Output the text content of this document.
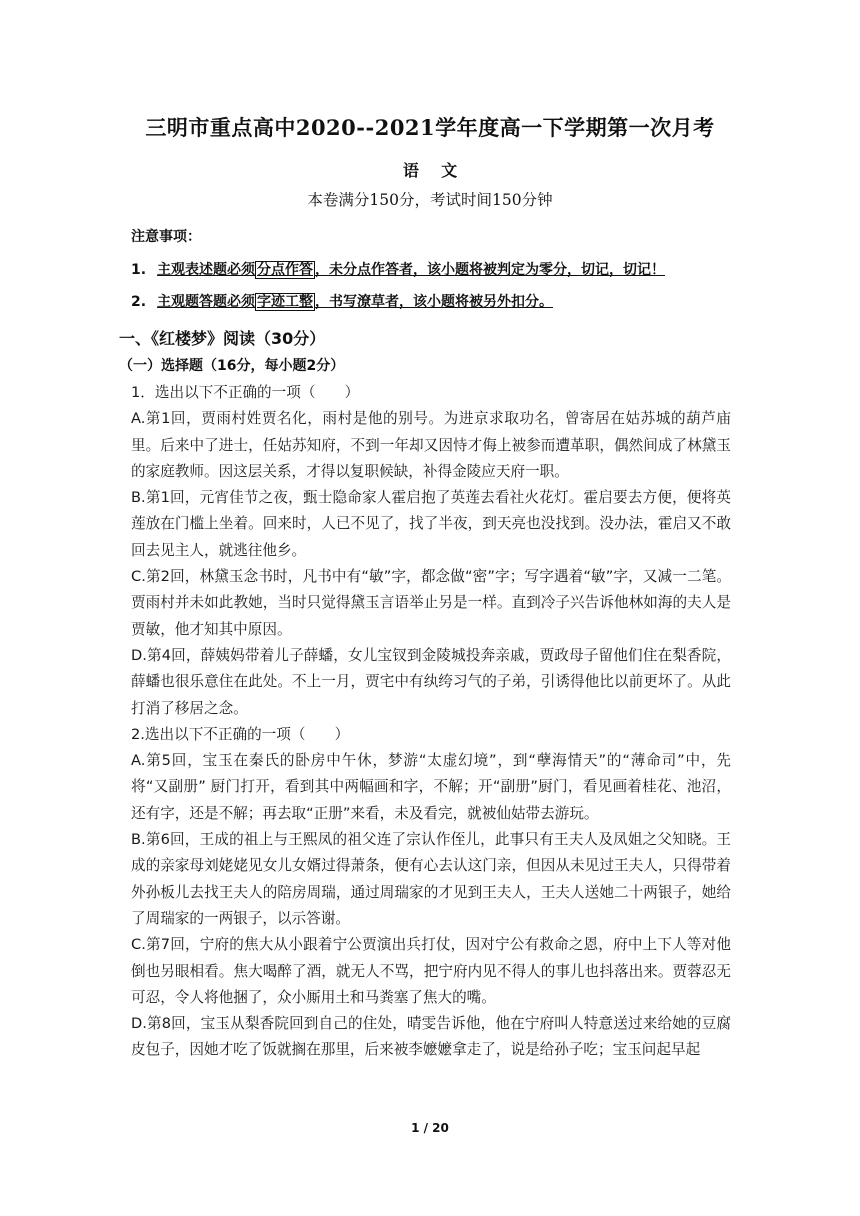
三明市重点高中2020--2021学年度高一下学期第一次月考
语    文
本卷满分150分，考试时间150分钟
注意事项：
1. 主观表述题必须 分点作答 ，未分点作答者，该小题将被判定为零分，切记，切记！
2. 主观题答题必须 字迹工整 ，书写潦草者，该小题将被另外扣分。
一、《红楼梦》阅读（30分）
（一）选择题（16分，每小题2分）

1．选出以下不正确的一项（　　）

A.第1回，贾雨村姓贾名化，雨村是他的别号。为进京求取功名，曾寄居在姑苏城的葫芦庙里。后来中了进士，任姑苏知府，不到一年却又因恃才侮上被参而遭革职，偶然间成了林黛玉的家庭教师。因这层关系，才得以复职候缺，补得金陵应天府一职。

B.第1回，元宵佳节之夜，甄士隐命家人霍启抱了英莲去看社火花灯。霍启要去方便，便将英莲放在门槛上坐着。回来时，人已不见了，找了半夜，到天亮也没找到。没办法，霍启又不敢回去见主人，就逃往他乡。

C.第2回，林黛玉念书时，凡书中有“敏”字，都念做“密”字；写字遇着“敏”字，又减一二笔。贾雨村并未如此教她，当时只觉得黛玉言语举止另是一样。直到冷子兴告诉他林如海的夫人是贾敏，他才知其中原因。

D.第4回，薛姨妈带着儿子薛蟠，女儿宝钗到金陵城投奔亲戚，贾政母子留他们住在梨香院，薛蟠也很乐意住在此处。不上一月，贾宅中有纨绔习气的子弟，引诱得他比以前更坏了。从此打消了移居之念。

2.选出以下不正确的一项（　　）

A.第5回，宝玉在秦氏的卧房中午休，梦游“太虚幻境”，到“孽海情天”的“薄命司”中，先将“又副册” 厨门打开，看到其中两幅画和字，不解；开“副册”厨门，看见画着桂花、池沼，还有字，还是不解；再去取“正册”来看，未及看完，就被仙姑带去游玩。

B.第6回，王成的祖上与王熙凤的祖父连了宗认作侄儿，此事只有王夫人及凤姐之父知晓。王成的亲家母刘姥姥见女儿女婿过得萧条，便有心去认这门亲，但因从未见过王夫人，只得带着外孙板儿去找王夫人的陪房周瑞，通过周瑞家的才见到王夫人，王夫人送她二十两银子，她给了周瑞家的一两银子，以示答谢。

C.第7回，宁府的焦大从小跟着宁公贾演出兵打仗，因对宁公有救命之恩，府中上下人等对他倒也另眼相看。焦大喝醉了酒，就无人不骂，把宁府内见不得人的事儿也抖落出来。贾蓉忍无可忍，令人将他捆了，众小厮用土和马粪塞了焦大的嘴。

D.第8回，宝玉从梨香院回到自己的住处，晴雯告诉他，他在宁府叫人特意送过来给她的豆腐皮包子，因她才吃了饭就搁在那里，后来被李嬷嬷拿走了，说是给孙子吃；宝玉问起早起

1 / 20
